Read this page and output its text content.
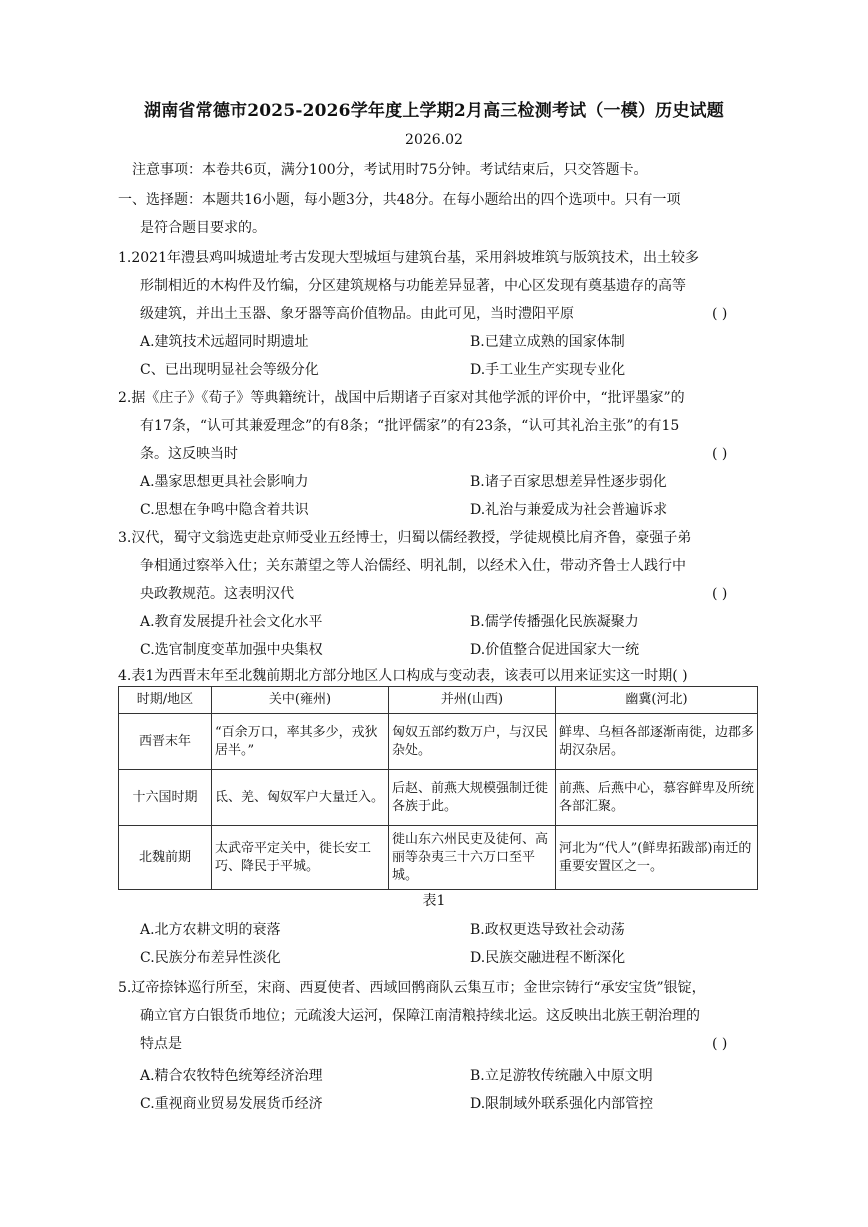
湖南省常德市2025-2026学年度上学期2月高三检测考试（一模）历史试题
2026.02
注意事项：本卷共6页，满分100分，考试用时75分钟。考试结束后，只交答题卡。
一、选择题：本题共16小题，每小题3分，共48分。在每小题给出的四个选项中。只有一项
是符合题目要求的。
1.2021年澧县鸡叫城遗址考古发现大型城垣与建筑台基，采用斜坡堆筑与版筑技术，出土较多
形制相近的木构件及竹编，分区建筑规格与功能差异显著，中心区发现有奠基遗存的高等
级建筑，并出土玉器、象牙器等高价值物品。由此可见，当时澧阳平原	( )
A.建筑技术远超同时期遗址	B.已建立成熟的国家体制
C、已出现明显社会等级分化	D.手工业生产实现专业化
2.据《庄子》《荀子》等典籍统计，战国中后期诸子百家对其他学派的评价中，“批评墨家”的
有17条，“认可其兼爱理念”的有8条；“批评儒家”的有23条，“认可其礼治主张”的有15
条。这反映当时	( )
A.墨家思想更具社会影响力	B.诸子百家思想差异性逐步弱化
C.思想在争鸣中隐含着共识	D.礼治与兼爱成为社会普遍诉求
3.汉代，蜀守文翁选吏赴京师受业五经博士，归蜀以儒经教授，学徒规模比肩齐鲁，豪强子弟
争相通过察举入仕；关东萧望之等人治儒经、明礼制，以经术入仕，带动齐鲁士人践行中
央政教规范。这表明汉代	( )
A.教育发展提升社会文化水平	B.儒学传播强化民族凝聚力
C.选官制度变革加强中央集权	D.价值整合促进国家大一统
4.表1为西晋末年至北魏前期北方部分地区人口构成与变动表，该表可以用来证实这一时期( )
时期/地区	关中(雍州)	并州(山西)	幽冀(河北)
西晋末年	“百余万口，率其多少，戎狄居半。”	匈奴五部约数万户，与汉民杂处。	鲜卑、乌桓各部逐渐南徙，边郡多胡汉杂居。
十六国时期	氐、羌、匈奴军户大量迁入。	后赵、前燕大规模强制迁徙各族于此。	前燕、后燕中心，慕容鲜卑及所统各部汇聚。
北魏前期	太武帝平定关中，徙长安工巧、降民于平城。	徙山东六州民吏及徒何、高丽等杂夷三十六万口至平城。	河北为“代人”(鲜卑拓跋部)南迁的重要安置区之一。
表1
A.北方农耕文明的衰落	B.政权更迭导致社会动荡
C.民族分布差异性淡化	D.民族交融进程不断深化
5.辽帝捺钵巡行所至，宋商、西夏使者、西域回鹘商队云集互市；金世宗铸行“承安宝货”银锭，
确立官方白银货币地位；元疏浚大运河，保障江南清粮持续北运。这反映出北族王朝治理的
特点是	( )
A.精合农牧特色统筹经济治理	B.立足游牧传统融入中原文明
C.重视商业贸易发展货币经济	D.限制域外联系强化内部管控
